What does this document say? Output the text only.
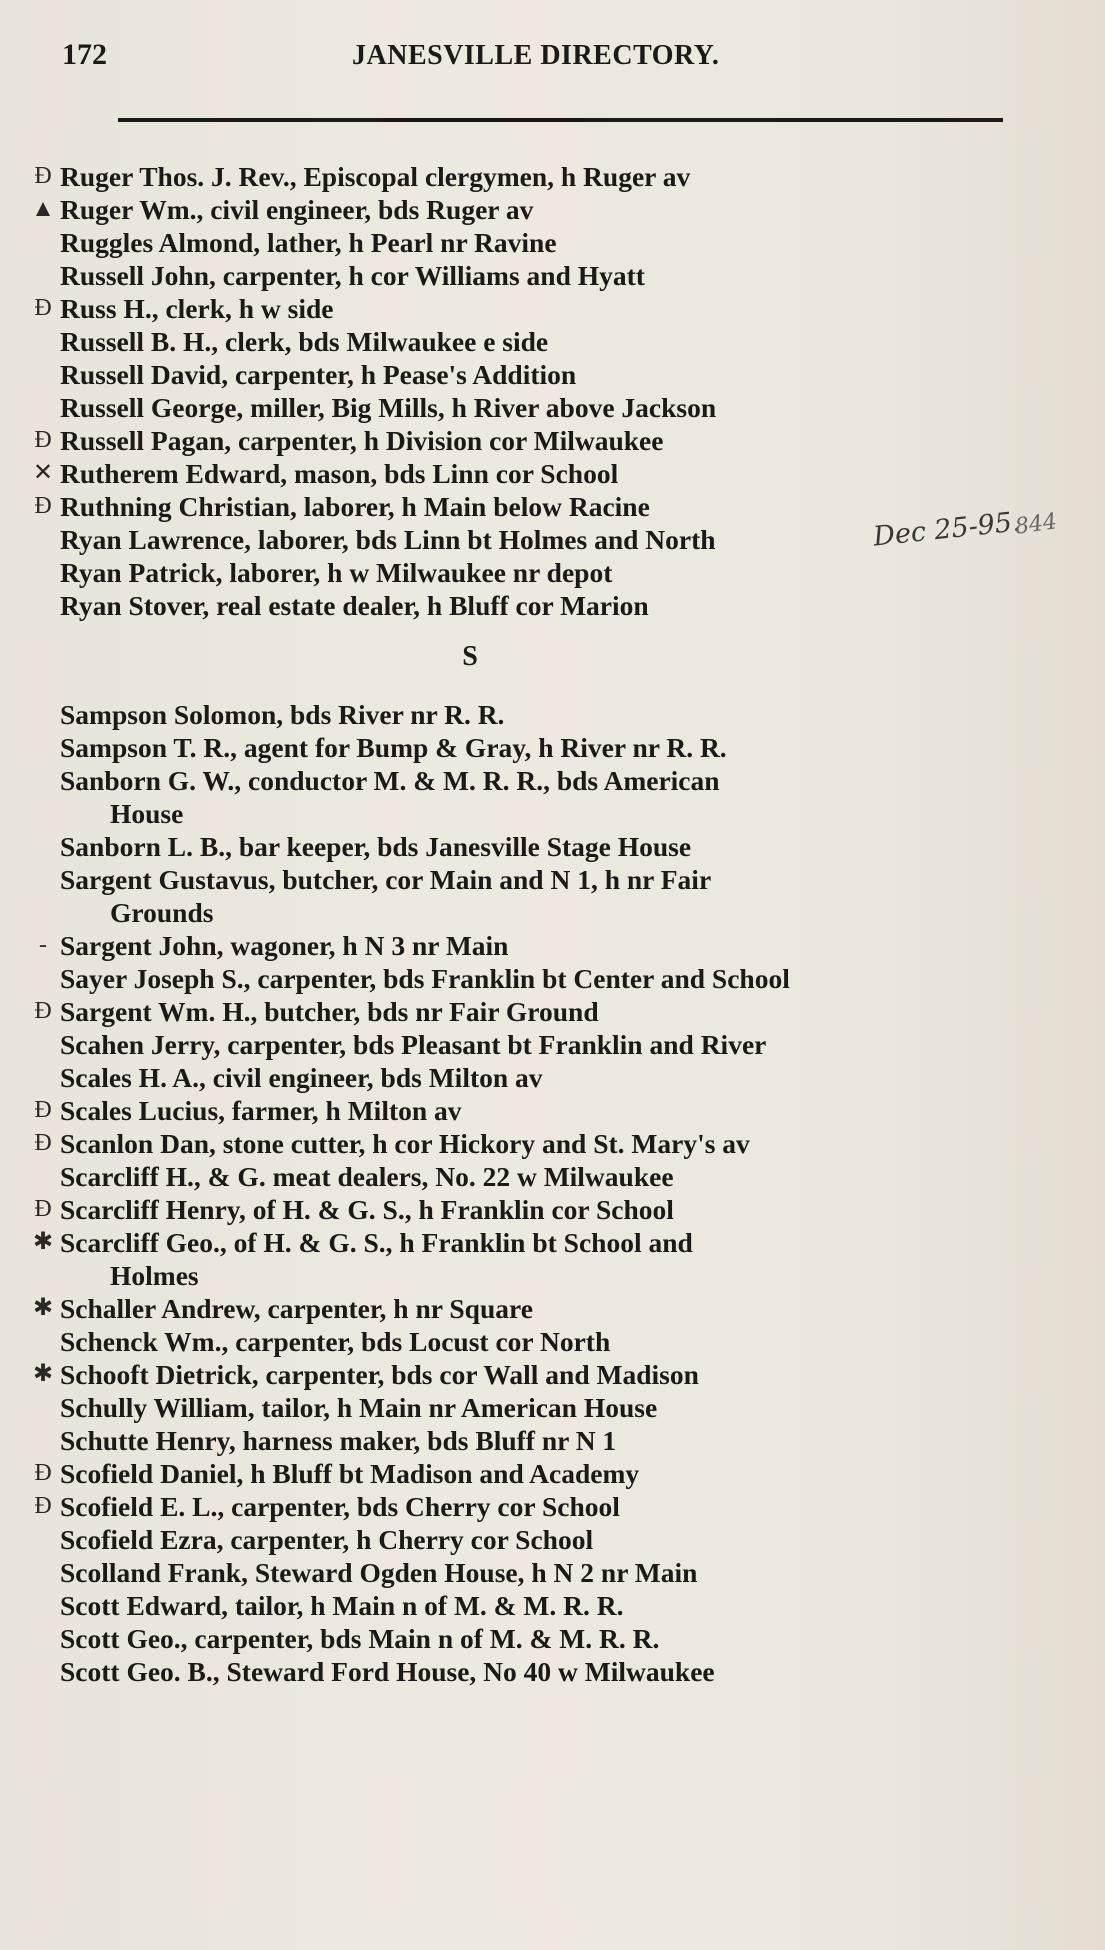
172	JANESVILLE DIRECTORY.
Đ Ruger Thos. J. Rev., Episcopal clergymen, h Ruger av
▲ Ruger Wm., civil engineer, bds Ruger av
Ruggles Almond, lather, h Pearl nr Ravine
Russell John, carpenter, h cor Williams and Hyatt
Đ Russ H., clerk, h w side
Russell B. H., clerk, bds Milwaukee e side
Russell David, carpenter, h Pease's Addition
Russell George, miller, Big Mills, h River above Jackson
Đ Russell Pagan, carpenter, h Division cor Milwaukee
✕ Rutherem Edward, mason, bds Linn cor School
Đ Ruthning Christian, laborer, h Main below Racine
Ryan Lawrence, laborer, bds Linn bt Holmes and North
Ryan Patrick, laborer, h w Milwaukee nr depot
Ryan Stover, real estate dealer, h Bluff cor Marion
S
Sampson Solomon, bds River nr R. R.
Sampson T. R., agent for Bump & Gray, h River nr R. R.
Sanborn G. W., conductor M. & M. R. R., bds American

House
Sanborn L. B., bar keeper, bds Janesville Stage House
Sargent Gustavus, butcher, cor Main and N 1, h nr Fair

Grounds
- Sargent John, wagoner, h N 3 nr Main
Sayer Joseph S., carpenter, bds Franklin bt Center and School
Đ Sargent Wm. H., butcher, bds nr Fair Ground
Scahen Jerry, carpenter, bds Pleasant bt Franklin and River
Scales H. A., civil engineer, bds Milton av
Đ Scales Lucius, farmer, h Milton av
Đ Scanlon Dan, stone cutter, h cor Hickory and St. Mary's av
Scarcliff H., & G. meat dealers, No. 22 w Milwaukee
Đ Scarcliff Henry, of H. & G. S., h Franklin cor School
✱ Scarcliff Geo., of H. & G. S., h Franklin bt School and

Holmes
✱ Schaller Andrew, carpenter, h nr Square
Schenck Wm., carpenter, bds Locust cor North
✱ Schooft Dietrick, carpenter, bds cor Wall and Madison
Schully William, tailor, h Main nr American House
Schutte Henry, harness maker, bds Bluff nr N 1
Đ Scofield Daniel, h Bluff bt Madison and Academy
Đ Scofield E. L., carpenter, bds Cherry cor School
Scofield Ezra, carpenter, h Cherry cor School
Scolland Frank, Steward Ogden House, h N 2 nr Main
Scott Edward, tailor, h Main n of M. & M. R. R.
Scott Geo., carpenter, bds Main n of M. & M. R. R.
Scott Geo. B., Steward Ford House, No 40 w Milwaukee
Dec 25-95.
844
